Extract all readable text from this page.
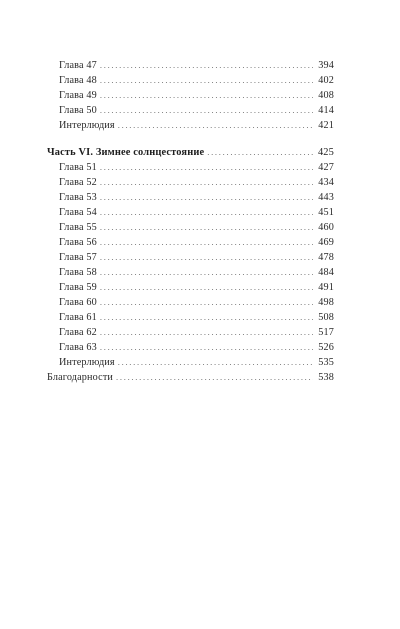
Глава 47 . . .	394
Глава 48 . . .	402
Глава 49 . . .	408
Глава 50 . . .	414
Интерлюдия . . .	421
Часть VI. Зимнее солнцестояние . . .	425
Глава 51 . . .	427
Глава 52 . . .	434
Глава 53 . . .	443
Глава 54 . . .	451
Глава 55 . . .	460
Глава 56 . . .	469
Глава 57 . . .	478
Глава 58 . . .	484
Глава 59 . . .	491
Глава 60 . . .	498
Глава 61 . . .	508
Глава 62 . . .	517
Глава 63 . . .	526
Интерлюдия . . .	535
Благодарности . . .	538
